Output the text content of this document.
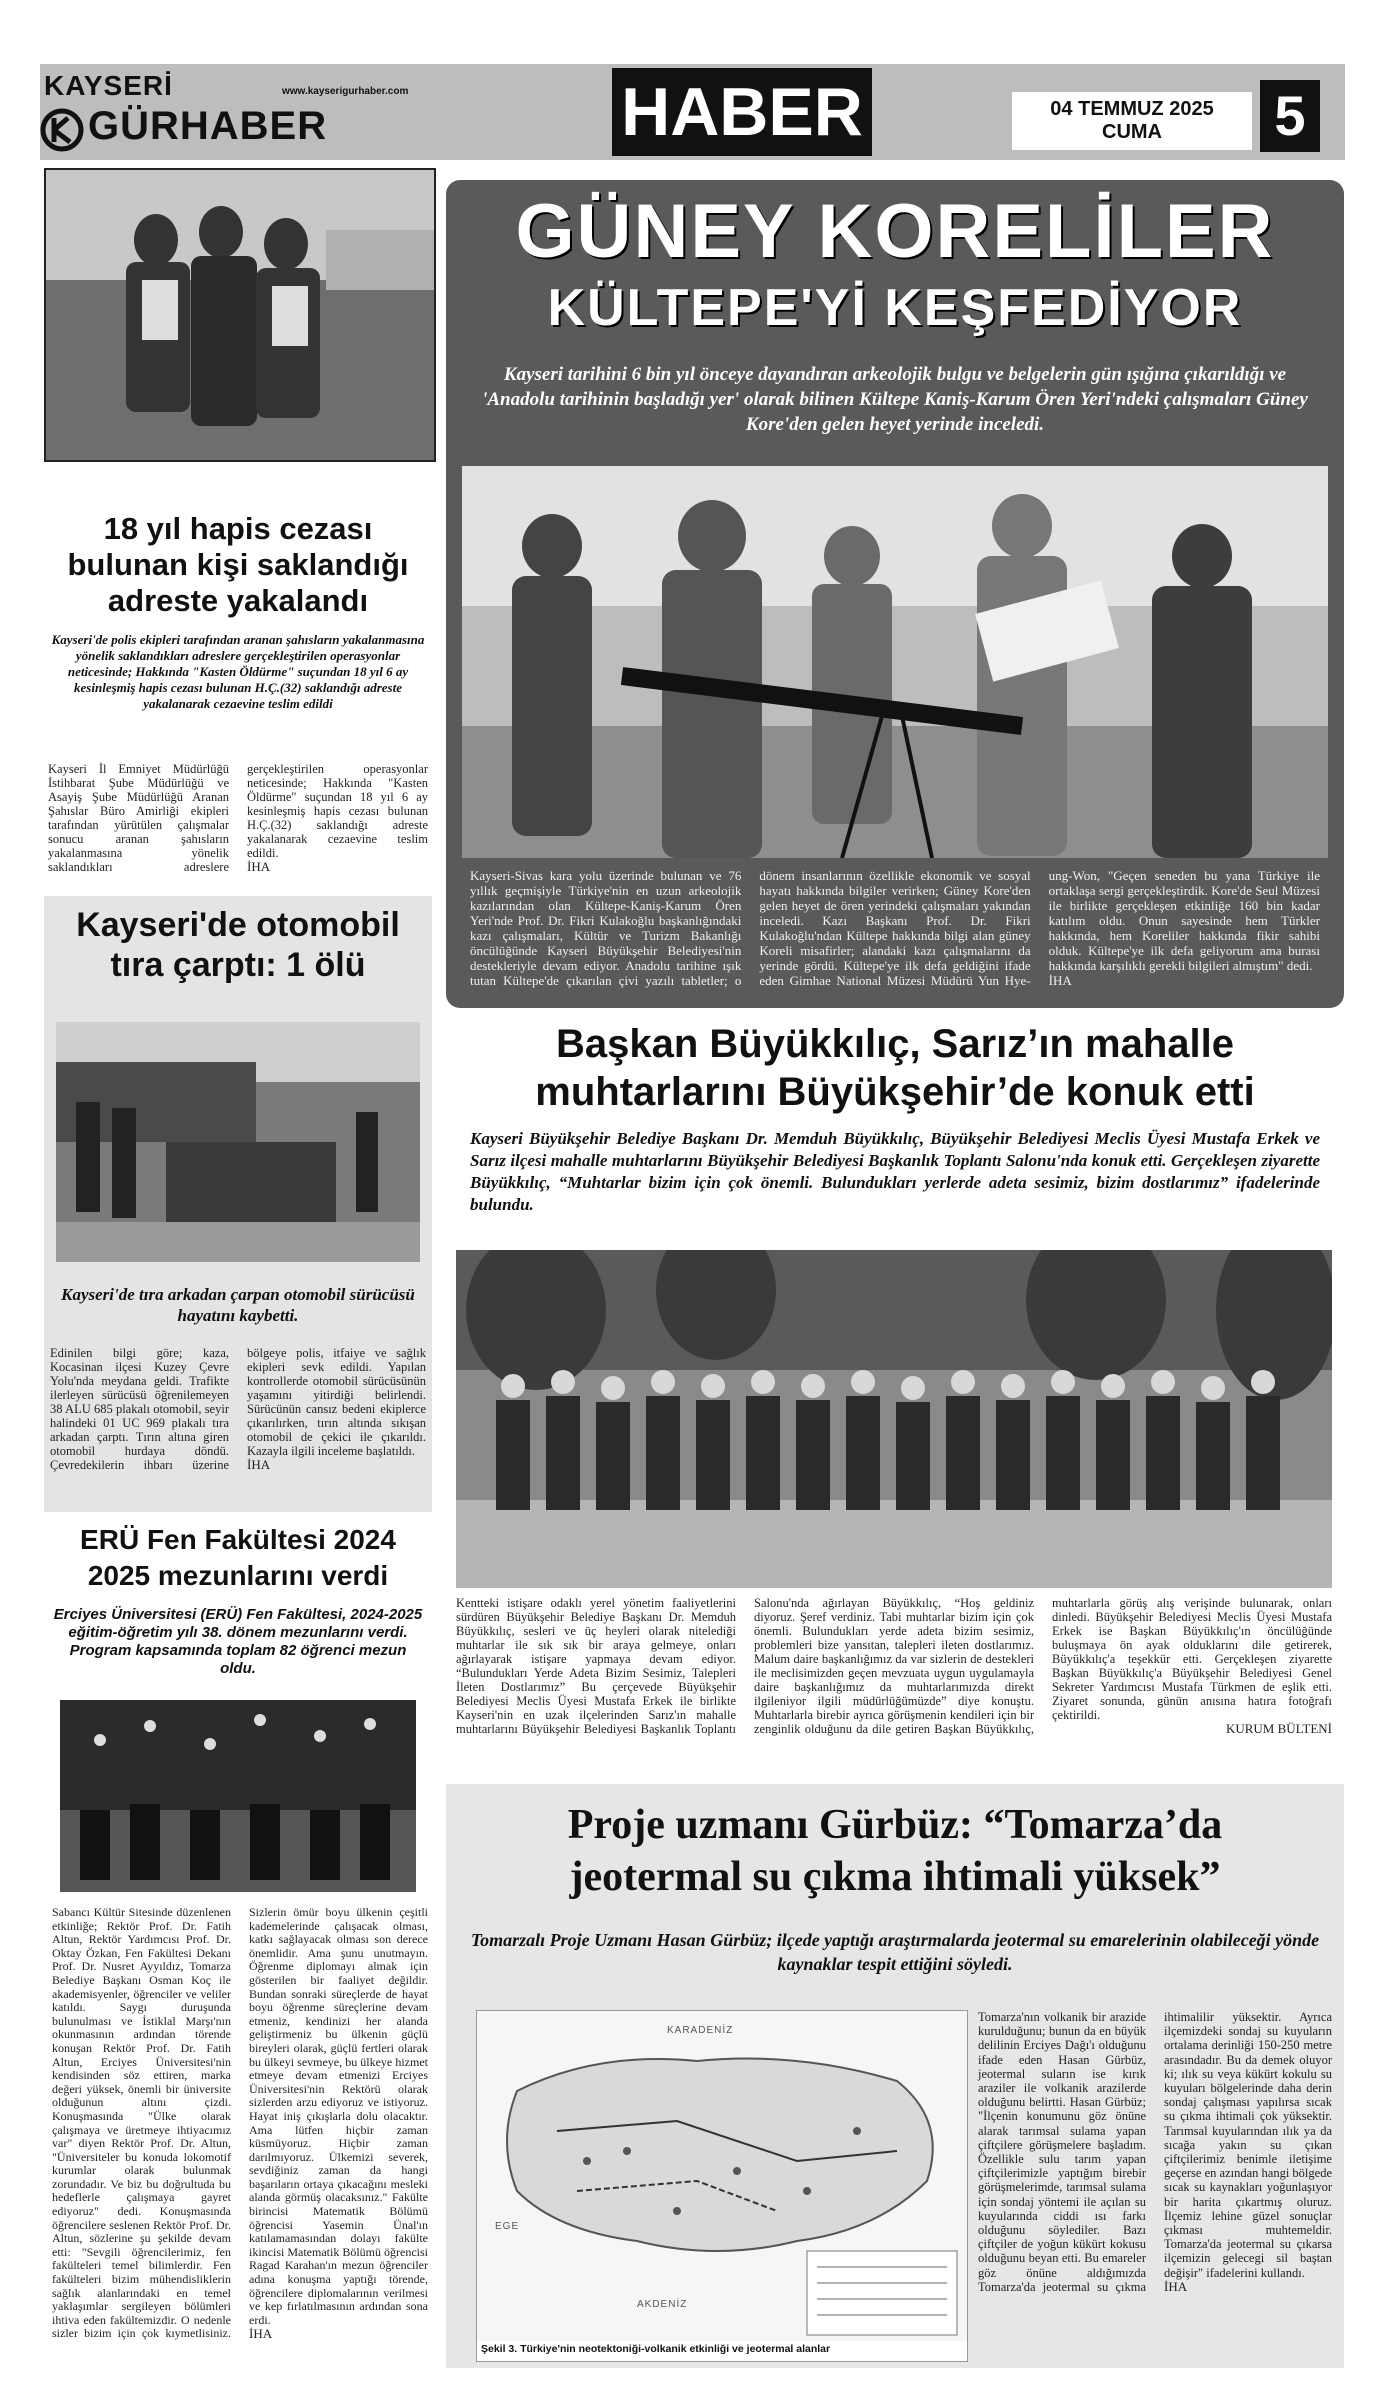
KAYSERİ	www.kayserigurhaber.com
GÜRHABER	HABER	04 TEMMUZ 2025
CUMA	5
18 yıl hapis cezası
bulunan kişi saklandığı
adreste yakalandı
Kayseri'de polis ekipleri tarafından aranan şahısların yakalanmasına yönelik saklandıkları adreslere gerçekleştirilen operasyonlar neticesinde; Hakkında "Kasten Öldürme" suçundan 18 yıl 6 ay kesinleşmiş hapis cezası bulunan H.Ç.(32) saklandığı adreste yakalanarak cezaevine teslim edildi
Kayseri İl Emniyet Müdürlüğü İstihbarat Şube Müdürlüğü ve Asayiş Şube Müdürlüğü Aranan Şahıslar Büro Amirliği ekipleri tarafından yürütülen çalışmalar sonucu aranan şahısların yakalanmasına yönelik saklandıkları adreslere gerçekleştirilen operasyonlar neticesinde; Hakkında "Kasten Öldürme" suçundan 18 yıl 6 ay kesinleşmiş hapis cezası bulunan H.Ç.(32) saklandığı adreste yakalanarak cezaevine teslim edildi.
İHA
Kayseri'de otomobil
tıra çarptı: 1 ölü
Kayseri'de tıra arkadan çarpan otomobil sürücüsü hayatını kaybetti.
Edinilen bilgi göre; kaza, Kocasinan ilçesi Kuzey Çevre Yolu'nda meydana geldi. Trafikte ilerleyen sürücüsü öğrenilemeyen 38 ALU 685 plakalı otomobil, seyir halindeki 01 UC 969 plakalı tıra arkadan çarptı. Tırın altına giren otomobil hurdaya döndü. Çevredekilerin ihbarı üzerine bölgeye polis, itfaiye ve sağlık ekipleri sevk edildi. Yapılan kontrollerde otomobil sürücüsünün yaşamını yitirdiği belirlendi. Sürücünün cansız bedeni ekiplerce çıkarılırken, tırın altında sıkışan otomobil de çekici ile çıkarıldı. Kazayla ilgili inceleme başlatıldı.
İHA
ERÜ Fen Fakültesi 2024
2025 mezunlarını verdi
Erciyes Üniversitesi (ERÜ) Fen Fakültesi, 2024-2025 eğitim-öğretim yılı 38. dönem mezunlarını verdi. Program kapsamında toplam 82 öğrenci mezun oldu.
Sabancı Kültür Sitesinde düzenlenen etkinliğe; Rektör Prof. Dr. Fatih Altun, Rektör Yardımcısı Prof. Dr. Oktay Özkan, Fen Fakültesi Dekanı Prof. Dr. Nusret Ayyıldız, Tomarza Belediye Başkanı Osman Koç ile akademisyenler, öğrenciler ve veliler katıldı. Saygı duruşunda bulunulması ve İstiklal Marşı'nın okunmasının ardından törende konuşan Rektör Prof. Dr. Fatih Altun, Erciyes Üniversitesi'nin kendisinden söz ettiren, marka değeri yüksek, önemli bir üniversite olduğunun altını çizdi. Konuşmasında "Ülke olarak çalışmaya ve üretmeye ihtiyacımız var" diyen Rektör Prof. Dr. Altun, "Üniversiteler bu konuda lokomotif kurumlar olarak bulunmak zorundadır. Ve biz bu doğrultuda bu hedeflerle çalışmaya gayret ediyoruz" dedi. Konuşmasında öğrencilere seslenen Rektör Prof. Dr. Altun, sözlerine şu şekilde devam etti: "Sevgili öğrencilerimiz, fen fakülteleri temel bilimlerdir. Fen fakülteleri bizim mühendisliklerin sağlık alanlarındaki en temel yaklaşımlar sergileyen bölümleri ihtiva eden fakültemizdir. O nedenle sizler bizim için çok kıymetlisiniz. Sizlerin ömür boyu ülkenin çeşitli kademelerinde çalışacak olması, katkı sağlayacak olması son derece önemlidir. Ama şunu unutmayın. Öğrenme diplomayı almak için gösterilen bir faaliyet değildir. Bundan sonraki süreçlerde de hayat boyu öğrenme süreçlerine devam etmeniz, kendinizi her alanda geliştirmeniz bu ülkenin güçlü bireyleri olarak, güçlü fertleri olarak bu ülkeyi sevmeye, bu ülkeye hizmet etmeye devam etmenizi Erciyes Üniversitesi'nin Rektörü olarak sizlerden arzu ediyoruz ve istiyoruz. Hayat iniş çıkışlarla dolu olacaktır. Ama lütfen hiçbir zaman küsmüyoruz. Hiçbir zaman darılmıyoruz. Ülkemizi severek, sevdiğiniz zaman da hangi başarıların ortaya çıkacağını mesleki alanda görmüş olacaksınız." Fakülte birincisi Matematik Bölümü öğrencisi Yasemin Ünal'ın katılamamasından dolayı fakülte ikincisi Matematik Bölümü öğrencisi Ragad Karahan'ın mezun öğrenciler adına konuşma yaptığı törende, öğrencilere diplomalarının verilmesi ve kep fırlatılmasının ardından sona erdi.
İHA
GÜNEY KORELİLER
KÜLTEPE'Yİ KEŞFEDİYOR
Kayseri tarihini 6 bin yıl önceye dayandıran arkeolojik bulgu ve belgelerin gün ışığına çıkarıldığı ve 'Anadolu tarihinin başladığı yer' olarak bilinen Kültepe Kaniş-Karum Ören Yeri'ndeki çalışmaları Güney Kore'den gelen heyet yerinde inceledi.
Kayseri-Sivas kara yolu üzerinde bulunan ve 76 yıllık geçmişiyle Türkiye'nin en uzun arkeolojik kazılarından olan Kültepe-Kaniş-Karum Ören Yeri'nde Prof. Dr. Fikri Kulakoğlu başkanlığındaki kazı çalışmaları, Kültür ve Turizm Bakanlığı öncülüğünde Kayseri Büyükşehir Belediyesi'nin destekleriyle devam ediyor. Anadolu tarihine ışık tutan Kültepe'de çıkarılan çivi yazılı tabletler; o dönem insanlarının özellikle ekonomik ve sosyal hayatı hakkında bilgiler verirken; Güney Kore'den gelen heyet de ören yerindeki çalışmaları yakından inceledi. Kazı Başkanı Prof. Dr. Fikri Kulakoğlu'ndan Kültepe hakkında bilgi alan güney Koreli misafirler; alandaki kazı çalışmalarını da yerinde gördü. Kültepe'ye ilk defa geldiğini ifade eden Gimhae National Müzesi Müdürü Yun Hye-ung-Won, "Geçen seneden bu yana Türkiye ile ortaklaşa sergi gerçekleştirdik. Kore'de Seul Müzesi ile birlikte gerçekleşen etkinliğe 160 bin kadar katılım oldu. Onun sayesinde hem Türkler hakkında, hem Koreliler hakkında fikir sahibi olduk. Kültepe'ye ilk defa geliyorum ama burası hakkında karşılıklı gerekli bilgileri almıştım" dedi.
İHA
Başkan Büyükkılıç, Sarız’ın mahalle
muhtarlarını Büyükşehir’de konuk etti
Kayseri Büyükşehir Belediye Başkanı Dr. Memduh Büyükkılıç, Büyükşehir Belediyesi Meclis Üyesi Mustafa Erkek ve Sarız ilçesi mahalle muhtarlarını Büyükşehir Belediyesi Başkanlık Toplantı Salonu'nda konuk etti. Gerçekleşen ziyarette Büyükkılıç, “Muhtarlar bizim için çok önemli. Bulundukları yerlerde adeta sesimiz, bizim dostlarımız” ifadelerinde bulundu.
Kentteki istişare odaklı yerel yönetim faaliyetlerini sürdüren Büyükşehir Belediye Başkanı Dr. Memduh Büyükkılıç, sesleri ve üç heyleri olarak nitelediği muhtarlar ile sık sık bir araya gelmeye, onları ağırlayarak istişare yapmaya devam ediyor. “Bulundukları Yerde Adeta Bizim Sesimiz, Talepleri İleten Dostlarımız” Bu çerçevede Büyükşehir Belediyesi Meclis Üyesi Mustafa Erkek ile birlikte Kayseri'nin en uzak ilçelerinden Sarız'ın mahalle muhtarlarını Büyükşehir Belediyesi Başkanlık Toplantı Salonu'nda ağırlayan Büyükkılıç, “Hoş geldiniz diyoruz. Şeref verdiniz. Tabi muhtarlar bizim için çok önemli. Bulundukları yerde adeta bizim sesimiz, problemleri bize yansıtan, talepleri ileten dostlarımız. Malum daire başkanlığımız da var sizlerin de destekleri ile meclisimizden geçen mevzuata uygun uygulamayla daire başkanlığımız da muhtarlarımızda direkt ilgileniyor ilgili müdürlüğümüzde” diye konuştu. Muhtarlarla birebir ayrıca görüşmenin kendileri için bir zenginlik olduğunu da dile getiren Başkan Büyükkılıç, muhtarlarla görüş alış verişinde bulunarak, onları dinledi. Büyükşehir Belediyesi Meclis Üyesi Mustafa Erkek ise Başkan Büyükkılıç'ın öncülüğünde buluşmaya ön ayak olduklarını dile getirerek, Büyükkılıç'a teşekkür etti. Gerçekleşen ziyarette Başkan Büyükkılıç'a Büyükşehir Belediyesi Genel Sekreter Yardımcısı Mustafa Türkmen de eşlik etti. Ziyaret sonunda, günün anısına hatıra fotoğrafı çektirildi.
KURUM BÜLTENİ
Proje uzmanı Gürbüz: “Tomarza’da
jeotermal su çıkma ihtimali yüksek”
Tomarzalı Proje Uzmanı Hasan Gürbüz; ilçede yaptığı araştırmalarda jeotermal su emarelerinin olabileceği yönde kaynaklar tespit ettiğini söyledi.
KARADENİZ
AKDENİZ
EGE
Şekil 3. Türkiye'nin neotektoniği-volkanik etkinliği ve jeotermal alanlar
Tomarza'nın volkanik bir arazide kurulduğunu; bunun da en büyük delilinin Erciyes Dağı'ı olduğunu ifade eden Hasan Gürbüz, jeotermal suların ise kırık araziler ile volkanik arazilerde olduğunu belirtti. Hasan Gürbüz; "İlçenin konumunu göz önüne alarak tarımsal sulama yapan çiftçilere görüşmelere başladım. Özellikle sulu tarım yapan çiftçilerimizle yaptığım birebir görüşmelerimde, tarımsal sulama için sondaj yöntemi ile açılan su kuyularında ciddi ısı farkı olduğunu söylediler. Bazı çiftçiler de yoğun kükürt kokusu olduğunu beyan etti. Bu emareler göz önüne aldığımızda Tomarza'da jeotermal su çıkma ihtimalilir yüksektir. Ayrıca ilçemizdeki sondaj su kuyuların ortalama derinliği 150-250 metre arasındadır. Bu da demek oluyor ki; ılık su veya kükürt kokulu su kuyuları bölgelerinde daha derin sondaj çalışması yapılırsa sıcak su çıkma ihtimali çok yüksektir. Tarımsal kuyularından ılık ya da sıcağa yakın su çıkan çiftçilerimiz benimle iletişime geçerse en azından hangi bölgede sıcak su kaynakları yoğunlaşıyor bir harita çıkartmış oluruz. İlçemiz lehine güzel sonuçlar çıkması muhtemeldir. Tomarza'da jeotermal su çıkarsa ilçemizin gelecegi sil baştan değişir" ifadelerini kullandı.
İHA
